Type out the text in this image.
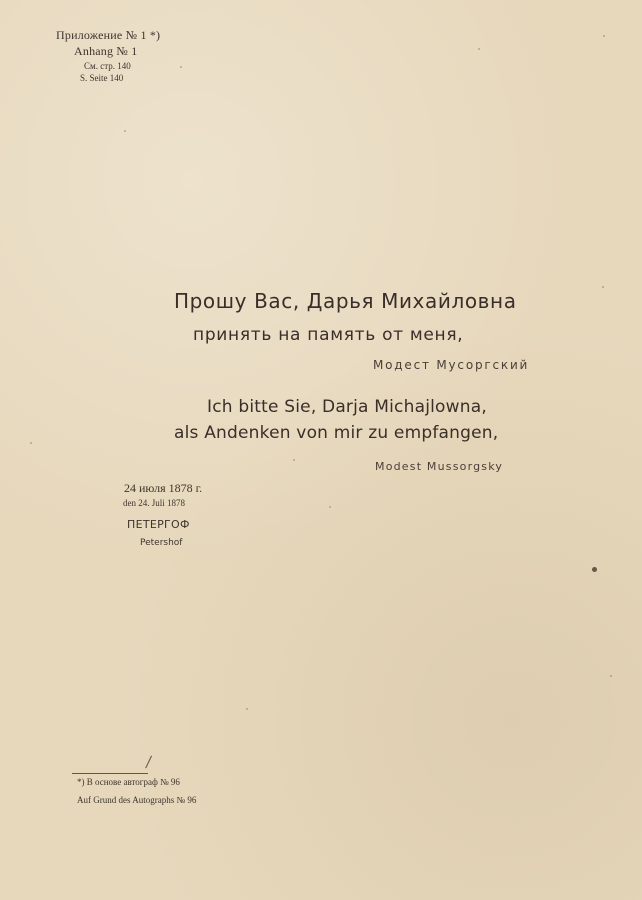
Приложение № 1 *)
Anhang № 1
См. стр. 140
S. Seite 140
Прошу Вас, Дарья Михайловна
принять на память от меня,
Модест Мусоргский
Ich bitte Sie, Darja Michajlowna,
als Andenken von mir zu empfangen,
Modest Mussorgsky
24 июля 1878 г.
den 24. Juli 1878
ПЕТЕРГОФ
Petershof
*) В основе автограф № 96
Auf Grund des Autographs № 96
/
